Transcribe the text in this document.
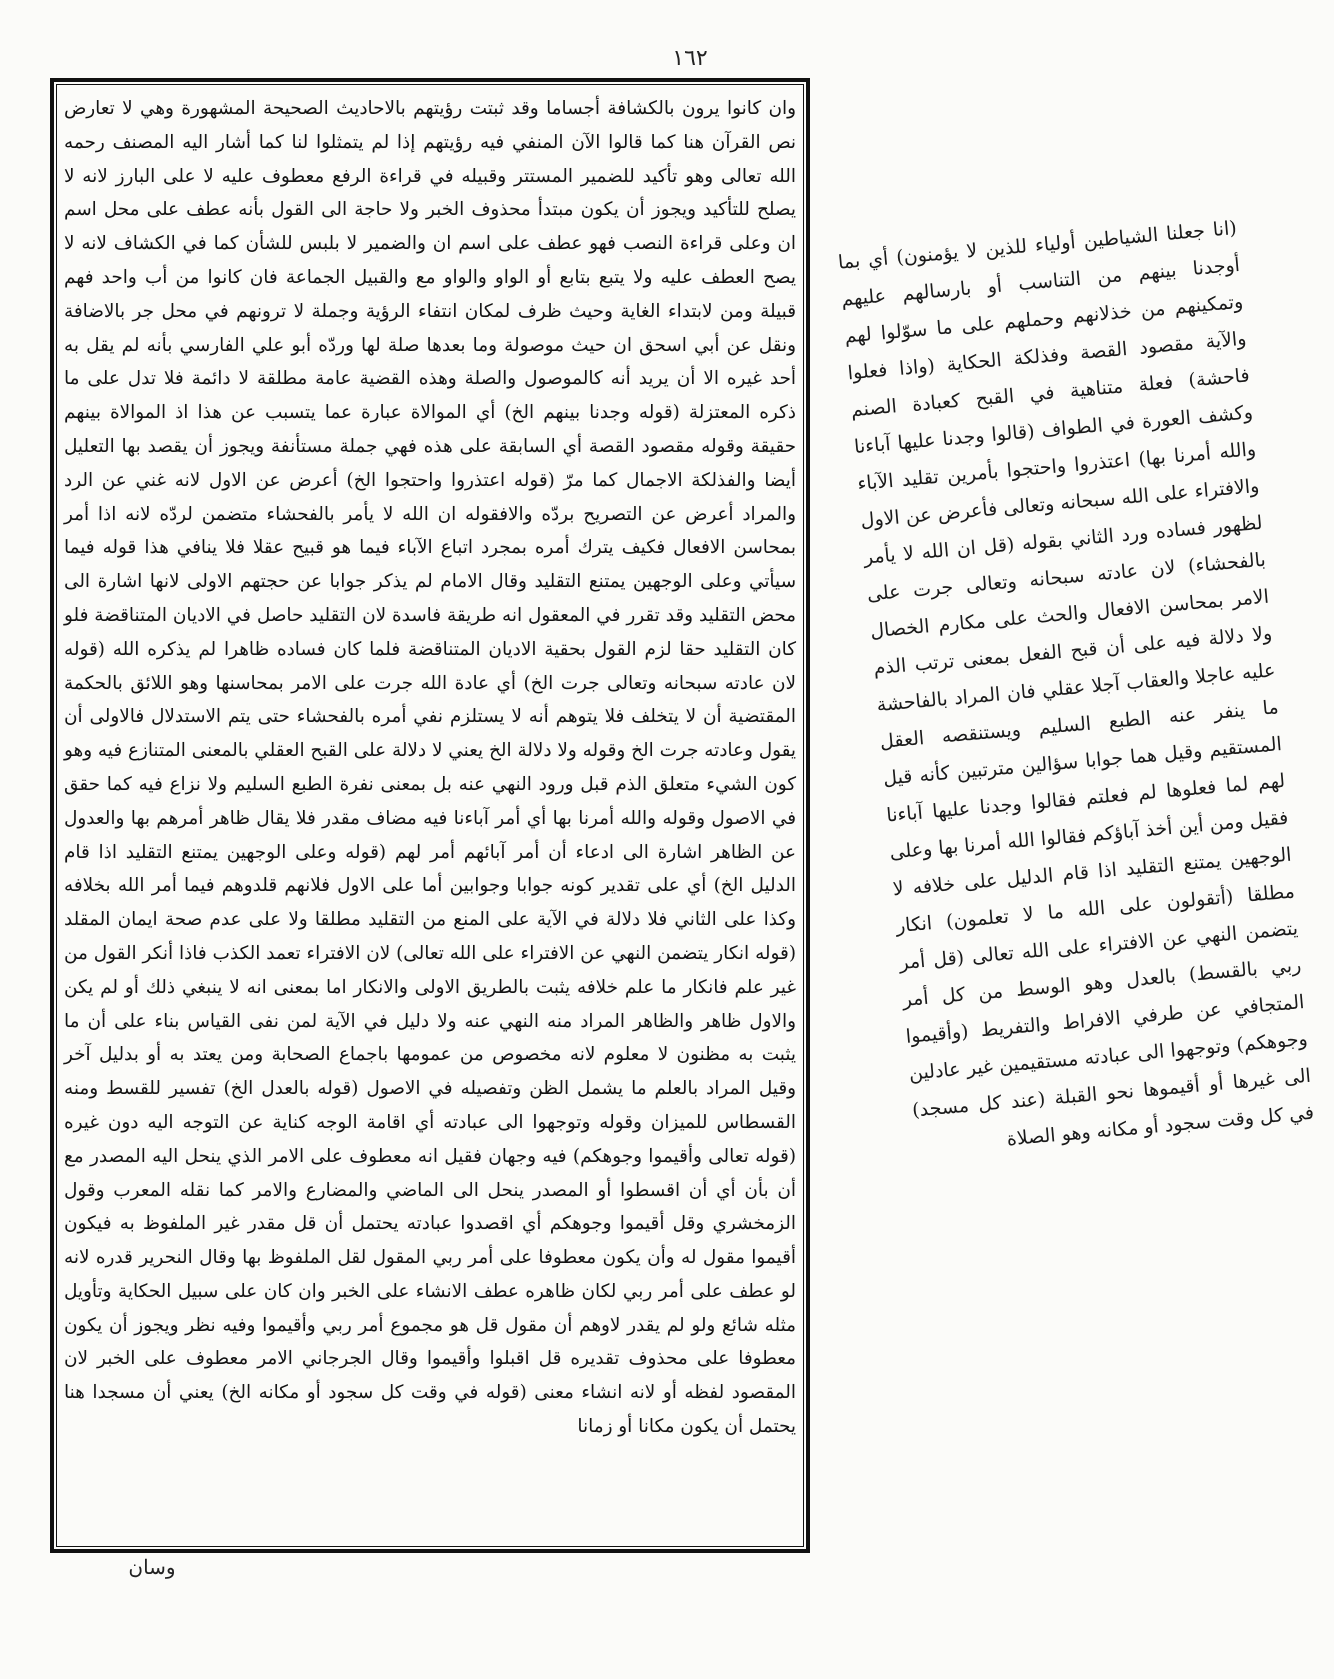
١٦٢
وان كانوا يرون بالكشافة أجساما وقد ثبتت رؤيتهم بالاحاديث الصحيحة المشهورة وهي لا تعارض نص القرآن هنا كما قالوا الآن المنفي فيه رؤيتهم إذا لم يتمثلوا لنا كما أشار اليه المصنف رحمه الله تعالى وهو تأكيد للضمير المستتر وقبيله في قراءة الرفع معطوف عليه لا على البارز لانه لا يصلح للتأكيد ويجوز أن يكون مبتدأ محذوف الخبر ولا حاجة الى القول بأنه عطف على محل اسم ان وعلى قراءة النصب فهو عطف على اسم ان والضمير لا بلبس للشأن كما في الكشاف لانه لا يصح العطف عليه ولا يتبع بتابع أو الواو والواو مع والقبيل الجماعة فان كانوا من أب واحد فهم قبيلة ومن لابتداء الغاية وحيث ظرف لمكان انتفاء الرؤية وجملة لا ترونهم في محل جر بالاضافة ونقل عن أبي اسحق ان حيث موصولة وما بعدها صلة لها وردّه أبو علي الفارسي بأنه لم يقل به أحد غيره الا أن يريد أنه كالموصول والصلة وهذه القضية عامة مطلقة لا دائمة فلا تدل على ما ذكره المعتزلة (قوله وجدنا بينهم الخ) أي الموالاة عبارة عما يتسبب عن هذا اذ الموالاة بينهم حقيقة وقوله مقصود القصة أي السابقة على هذه فهي جملة مستأنفة ويجوز أن يقصد بها التعليل أيضا والفذلكة الاجمال كما مرّ (قوله اعتذروا واحتجوا الخ) أعرض عن الاول لانه غني عن الرد والمراد أعرض عن التصريح بردّه والافقوله ان الله لا يأمر بالفحشاء متضمن لردّه لانه اذا أمر بمحاسن الافعال فكيف يترك أمره بمجرد اتباع الآباء فيما هو قبيح عقلا فلا ينافي هذا قوله فيما سيأتي وعلى الوجهين يمتنع التقليد وقال الامام لم يذكر جوابا عن حجتهم الاولى لانها اشارة الى محض التقليد وقد تقرر في المعقول انه طريقة فاسدة لان التقليد حاصل في الاديان المتناقضة فلو كان التقليد حقا لزم القول بحقية الاديان المتناقضة فلما كان فساده ظاهرا لم يذكره الله (قوله لان عادته سبحانه وتعالى جرت الخ) أي عادة الله جرت على الامر بمحاسنها وهو اللائق بالحكمة المقتضية أن لا يتخلف فلا يتوهم أنه لا يستلزم نفي أمره بالفحشاء حتى يتم الاستدلال فالاولى أن يقول وعادته جرت الخ وقوله ولا دلالة الخ يعني لا دلالة على القبح العقلي بالمعنى المتنازع فيه وهو كون الشيء متعلق الذم قبل ورود النهي عنه بل بمعنى نفرة الطبع السليم ولا نزاع فيه كما حقق في الاصول وقوله والله أمرنا بها أي أمر آباءنا فيه مضاف مقدر فلا يقال ظاهر أمرهم بها والعدول عن الظاهر اشارة الى ادعاء أن أمر آبائهم أمر لهم (قوله وعلى الوجهين يمتنع التقليد اذا قام الدليل الخ) أي على تقدير كونه جوابا وجوابين أما على الاول فلانهم قلدوهم فيما أمر الله بخلافه وكذا على الثاني فلا دلالة في الآية على المنع من التقليد مطلقا ولا على عدم صحة ايمان المقلد (قوله انكار يتضمن النهي عن الافتراء على الله تعالى) لان الافتراء تعمد الكذب فاذا أنكر القول من غير علم فانكار ما علم خلافه يثبت بالطريق الاولى والانكار اما بمعنى انه لا ينبغي ذلك أو لم يكن والاول ظاهر والظاهر المراد منه النهي عنه ولا دليل في الآية لمن نفى القياس بناء على أن ما يثبت به مظنون لا معلوم لانه مخصوص من عمومها باجماع الصحابة ومن يعتد به أو بدليل آخر وقيل المراد بالعلم ما يشمل الظن وتفصيله في الاصول (قوله بالعدل الخ) تفسير للقسط ومنه القسطاس للميزان وقوله وتوجهوا الى عبادته أي اقامة الوجه كناية عن التوجه اليه دون غيره (قوله تعالى وأقيموا وجوهكم) فيه وجهان فقيل انه معطوف على الامر الذي ينحل اليه المصدر مع أن بأن أي أن اقسطوا أو المصدر ينحل الى الماضي والمضارع والامر كما نقله المعرب وقول الزمخشري وقل أقيموا وجوهكم أي اقصدوا عبادته يحتمل أن قل مقدر غير الملفوظ به فيكون أقيموا مقول له وأن يكون معطوفا على أمر ربي المقول لقل الملفوظ بها وقال النحرير قدره لانه لو عطف على أمر ربي لكان ظاهره عطف الانشاء على الخبر وان كان على سبيل الحكاية وتأويل مثله شائع ولو لم يقدر لاوهم أن مقول قل هو مجموع أمر ربي وأقيموا وفيه نظر ويجوز أن يكون معطوفا على محذوف تقديره قل اقبلوا وأقيموا وقال الجرجاني الامر معطوف على الخبر لان المقصود لفظه أو لانه انشاء معنى (قوله في وقت كل سجود أو مكانه الخ) يعني أن مسجدا هنا يحتمل أن يكون مكانا أو زمانا
(انا جعلنا الشياطين أولياء للذين لا يؤمنون) أي بما أوجدنا بينهم من التناسب أو بارسالهم عليهم وتمكينهم من خذلانهم وحملهم على ما سوّلوا لهم والآية مقصود القصة وفذلكة الحكاية (واذا فعلوا فاحشة) فعلة متناهية في القبح كعبادة الصنم وكشف العورة في الطواف (قالوا وجدنا عليها آباءنا والله أمرنا بها) اعتذروا واحتجوا بأمرين تقليد الآباء والافتراء على الله سبحانه وتعالى فأعرض عن الاول لظهور فساده ورد الثاني بقوله (قل ان الله لا يأمر بالفحشاء) لان عادته سبحانه وتعالى جرت على الامر بمحاسن الافعال والحث على مكارم الخصال ولا دلالة فيه على أن قبح الفعل بمعنى ترتب الذم عليه عاجلا والعقاب آجلا عقلي فان المراد بالفاحشة ما ينفر عنه الطبع السليم ويستنقصه العقل المستقيم وقيل هما جوابا سؤالين مترتبين كأنه قيل لهم لما فعلوها لم فعلتم فقالوا وجدنا عليها آباءنا فقيل ومن أين أخذ آباؤكم فقالوا الله أمرنا بها وعلى الوجهين يمتنع التقليد اذا قام الدليل على خلافه لا مطلقا (أتقولون على الله ما لا تعلمون) انكار يتضمن النهي عن الافتراء على الله تعالى (قل أمر ربي بالقسط) بالعدل وهو الوسط من كل أمر المتجافي عن طرفي الافراط والتفريط (وأقيموا وجوهكم) وتوجهوا الى عبادته مستقيمين غير عادلين الى غيرها أو أقيموها نحو القبلة (عند كل مسجد) في كل وقت سجود أو مكانه وهو الصلاة
وسان
